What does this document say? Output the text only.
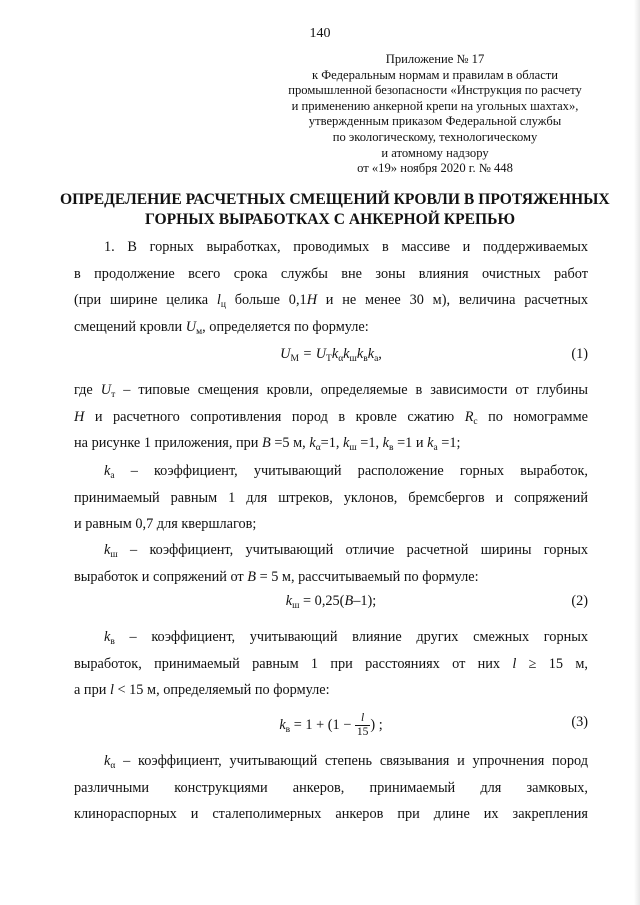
140
Приложение № 17
к Федеральным нормам и правилам в области
промышленной безопасности «Инструкция по расчету
и применению анкерной крепи на угольных шахтах»,
утвержденным приказом Федеральной службы
по экологическому, технологическому
и атомному надзору
от «19» ноября 2020 г. № 448
ОПРЕДЕЛЕНИЕ РАСЧЕТНЫХ СМЕЩЕНИЙ КРОВЛИ В ПРОТЯЖЕННЫХ
ГОРНЫХ ВЫРАБОТКАХ С АНКЕРНОЙ КРЕПЬЮ
1. В горных выработках, проводимых в массиве и поддерживаемых
в продолжение всего срока службы вне зоны влияния очистных работ
(при ширине целика $l_ц$ больше 0,1H и не менее 30 м), величина расчетных
смещений кровли $U_м$, определяется по формуле:
$U_М = U_Тk_\alpha k_шk_вk_а$,	(1)
где $U_т$ – типовые смещения кровли, определяемые в зависимости от глубины
H и расчетного сопротивления пород в кровле сжатию $R_с$ по номограмме
на рисунке 1 приложения, при B =5 м, $k_\alpha=1$, $k_ш =1$, $k_в =1$ и $k_а =1$;
$k_а$ – коэффициент, учитывающий расположение горных выработок,
принимаемый равным 1 для штреков, уклонов, бремсбергов и сопряжений
и равным 0,7 для квершлагов;
$k_ш$ – коэффициент, учитывающий отличие расчетной ширины горных
выработок и сопряжений от B = 5 м, рассчитываемый по формуле:
$k_ш = 0,25(B-1)$;	(2)
$k_в$ – коэффициент, учитывающий влияние других смежных горных
выработок, принимаемый равным 1 при расстояниях от них l ≥ 15 м,
а при l < 15 м, определяемый по формуле:
$k_в = 1 + (1 - \frac{l}{15}$ ) ;	(3)
$k_\alpha$ – коэффициент, учитывающий степень связывания и упрочнения пород
различными конструкциями анкеров, принимаемый для замковых,
клинораспорных и сталеполимерных анкеров при длине их закрепления
